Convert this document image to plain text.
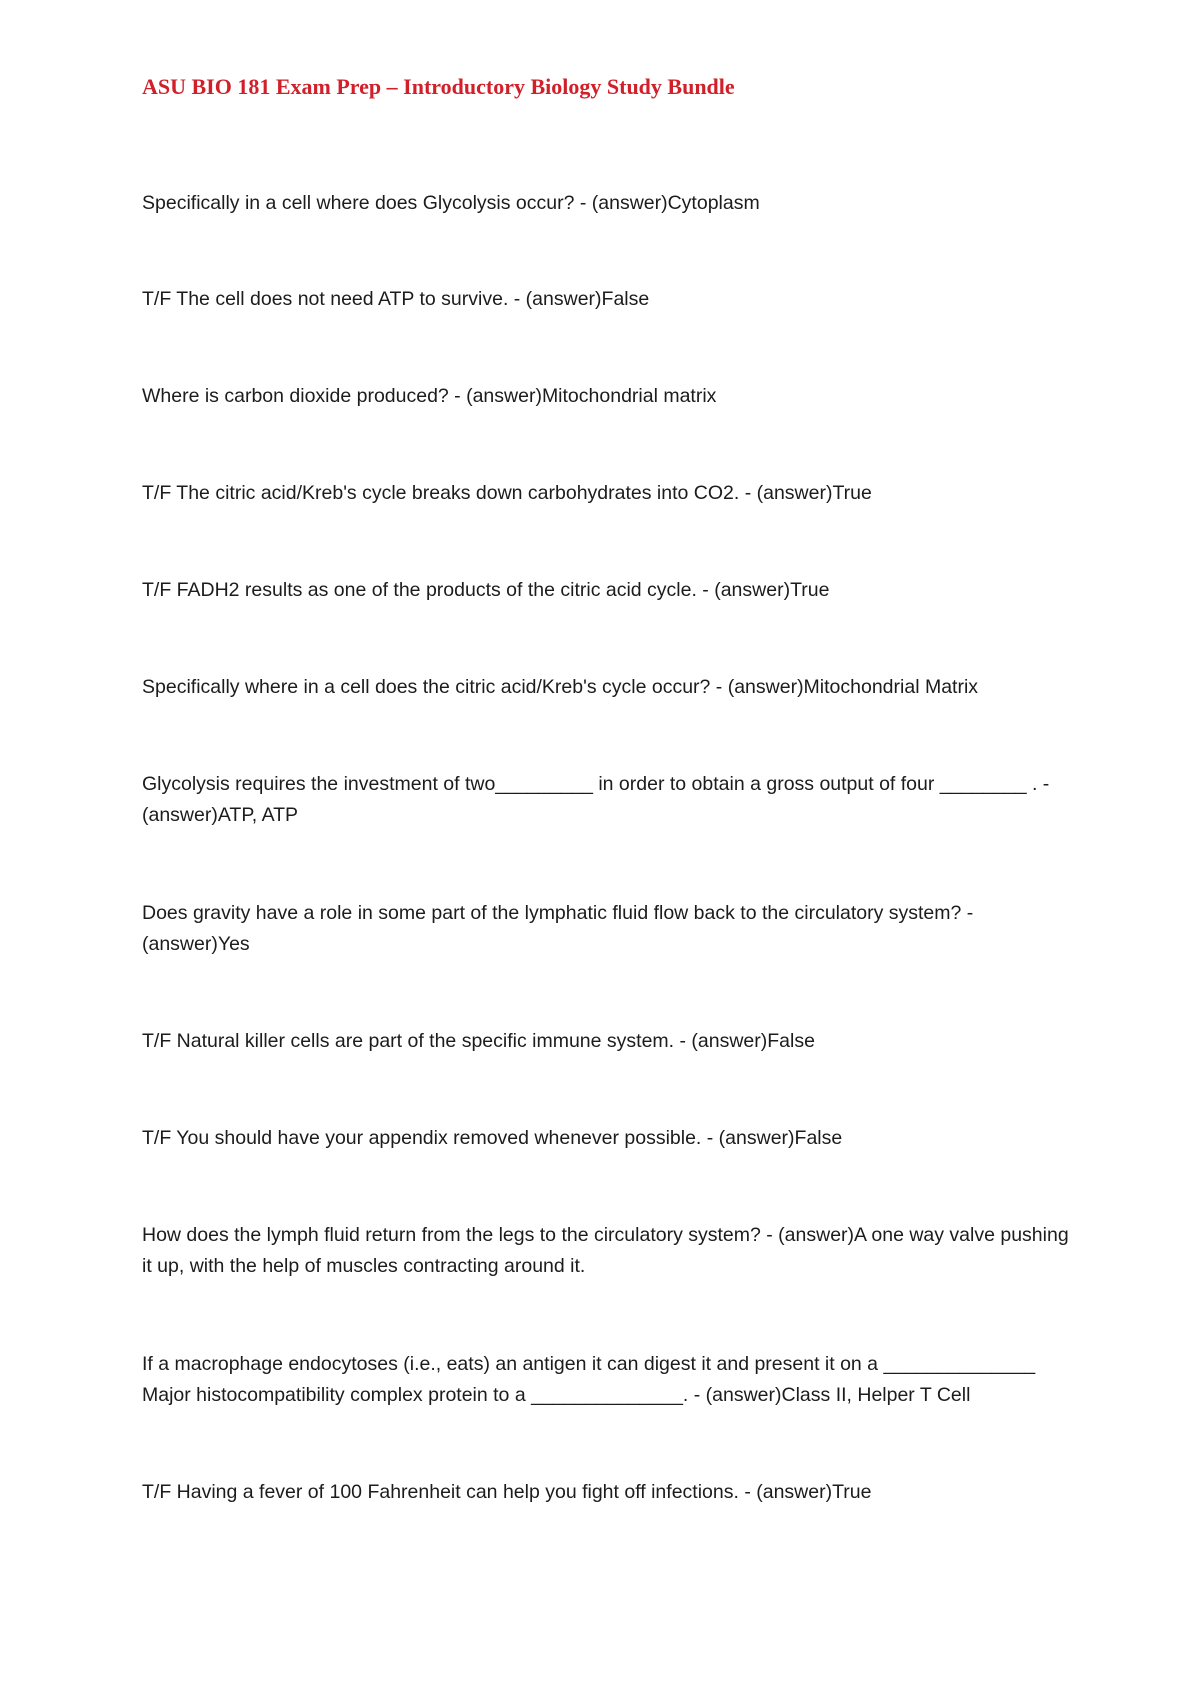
ASU BIO 181 Exam Prep – Introductory Biology Study Bundle

Specifically in a cell where does Glycolysis occur? - (answer)Cytoplasm

T/F The cell does not need ATP to survive. - (answer)False

Where is carbon dioxide produced? - (answer)Mitochondrial matrix

T/F The citric acid/Kreb's cycle breaks down carbohydrates into CO2. - (answer)True

T/F FADH2 results as one of the products of the citric acid cycle. - (answer)True

Specifically where in a cell does the citric acid/Kreb's cycle occur? - (answer)Mitochondrial Matrix

Glycolysis requires the investment of two_________ in order to obtain a gross output of four ________ . - (answer)ATP, ATP

Does gravity have a role in some part of the lymphatic fluid flow back to the circulatory system? - (answer)Yes

T/F Natural killer cells are part of the specific immune system. - (answer)False

T/F You should have your appendix removed whenever possible. - (answer)False

How does the lymph fluid return from the legs to the circulatory system? - (answer)A one way valve pushing it up, with the help of muscles contracting around it.

If a macrophage endocytoses (i.e., eats) an antigen it can digest it and present it on a ______________ Major histocompatibility complex protein to a ______________. - (answer)Class II, Helper T Cell

T/F Having a fever of 100 Fahrenheit can help you fight off infections. - (answer)True
